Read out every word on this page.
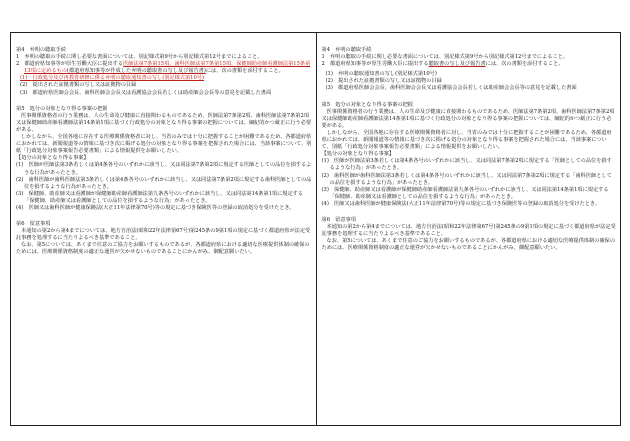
第4　弁明の聴取手続
1　弁明の聴取の手続に関し必要な書面については、別記様式第9号から別記様式第12号までによること。
2　都道府県知事等が厚生労働大臣に提出する医師法第7条第15項、歯科医師法第7条第15項、保健師助産師看護師法第15条第13項に定めるもの(都道府県知事等が作成した弁明の聴取書の写し及び報告書)には、次の書類を添付すること。
(1)　行政処分及び再教育研修に係る弁明の聴取通知書の写し(別記様式第10号)
(2)　提出された証拠書類の写し又は証拠物の目録
(3)　都道府県医師会会長、歯科医師会会長又は看護協会会長若しくは助産師会会長等の意見を記載した書面
第5　処分の対象となり得る事案の把握
医事関係資格者の行う業務は、人の生命及び健康に直接関わるものであるため、医師法第7条第2項、歯科医師法第7条第2項又は保健師助産師看護師法第14条第1項に基づく行政処分の対象となり得る事案の把握については、綱紀的かつ厳正に行う必要がある。
しかしながら、全国各地に存在する医療関係資格者に対し、当省のみでは十分に把握することが困難であるため、各都道府県におかれては、新聞報道等の情報に基づき次に掲げる処分の対象となり得る事案を把握された場合には、当該事案について、別紙「行政処分対象事案報告必要書類」による情報提供をお願いしたい。
【処分の対象となり得る事案】
(1)　医師が医師法第3条若しくは第4条各号のいずれかに該当し、又は同法第7条第2項に規定する医師としての品位を損するような行為があったとき。
(2)　歯科医師が歯科医師法第3条若しくは第4条各号のいずれかに該当し、又は同法第7条第2項に規定する歯科医師としての品位を損するような行為があったとき。
(3)　保健師、助産師又は看護師が保健師助産師看護師法第九条各号のいずれかに該当し、又は同法第14条第1項に規定する「保健師、助産師又は看護師としての品位を損するような行為」があったとき。
(4)　医師又は歯科医師が健康保険法(大正11年法律第70号)等の規定に基づき保険医等の登録の取消処分を受けたとき。
第6　留意事項
本通知の第2から第4までについては、地方自治法(昭和22年法律第67号)第245条の9第1項の規定に基づく都道府県が法定受託事務を処理するに当たりよるべき基準であること。
なお、第5については、あくまで任意のご協力をお願いするものであるが、各都道府県における適切な医療提供体制の確保のためには、医療関係資格制度の適正な運営が欠かせないものであることにかんがみ、御配意願いたい。
第4　弁明の聴取手続
1　弁明の聴取の手続に関し必要な書面については、別記様式第9号から別記様式第12号までによること。
2　都道府県知事等が厚生労働大臣に提出する聴取書の写し及び報告書には、次の書類を添付すること。
(1)　弁明の聴取通知書の写し(別記様式第10号)
(2)　提出された証拠書類の写し又は証拠物の目録
(3)　都道府県医師会会長、歯科医師会会長又は看護協会会長若しくは助産師会会長等の意見を記載した書面
第5　処分の対象となり得る事案の把握
医事関係資格者の行う業務は、人の生命及び健康に直接関わるものであるため、医師法第7条第2項、歯科医師法第7条第2項又は保健師助産師看護師法第14条第1項に基づく行政処分の対象となり得る事案の把握については、綱紀的かつ厳正に行う必要がある。
しかしながら、全国各地に存在する医療関係資格者に対し、当省のみでは十分に把握することが困難であるため、各都道府県におかれては、新聞報道等の情報に基づき次に掲げる処分の対象となり得る事案を把握された場合には、当該事案について、別紙「行政処分対象事案報告必要書類」による情報提供をお願いしたい。
【処分の対象となり得る事案】
(1)　医師が医師法第3条若しくは第4条各号のいずれかに該当し、又は同法第7条第2項に規定する「医師としての品位を損するような行為」があったとき。
(2)　歯科医師が歯科医師法第3条若しくは第4条各号のいずれかに該当し、又は同法第7条第2項に規定する「歯科医師としての品位を損するような行為」があったとき。
(3)　保健師、助産師又は看護師が保健師助産師看護師法第九条各号のいずれかに該当し、又は同法第14条第1項に規定する「保健師、助産師又は看護師としての品位を損するような行為」があったとき。
(4)　医師又は歯科医師が健康保険法(大正11年法律第70号)等の規定に基づき保険医等の登録の取消処分を受けたとき。
第6　留意事項
本通知の第2から第4までについては、地方自治法(昭和22年法律第67号)第245条の9第1項の規定に基づく都道府県が法定受託事務を処理するに当たりよるべき基準であること。
なお、第5については、あくまで任意のご協力をお願いするものであるが、各都道府県における適切な医療提供体制の確保のためには、医療関係資格制度の適正な運営が欠かせないものであることにかんがみ、御配意願いたい。
